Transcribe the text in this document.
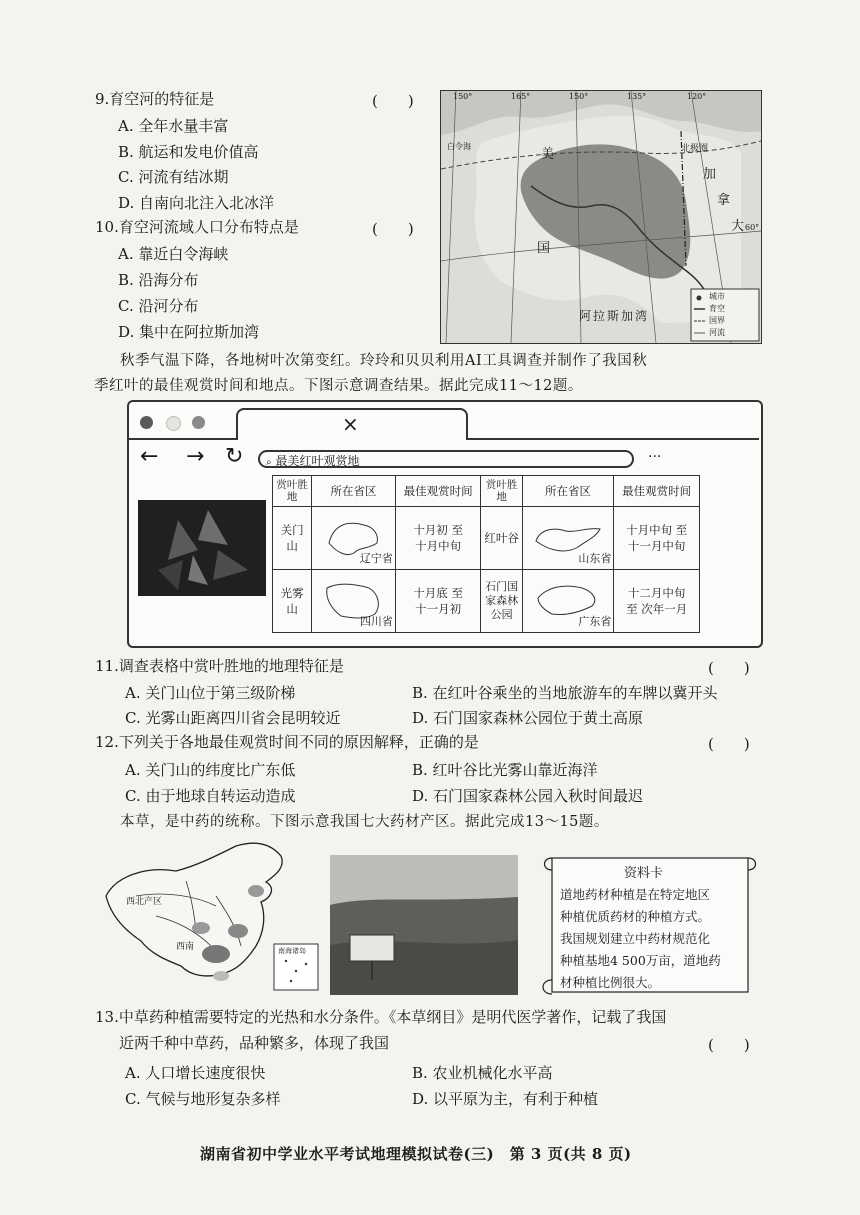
9.育空河的特征是	(　　)
A. 全年水量丰富
B. 航运和发电价值高
C. 河流有结冰期
D. 自南向北注入北冰洋
10.育空河流域人口分布特点是	(　　)
A. 靠近白令海峡
B. 沿海分布
C. 沿河分布
D. 集中在阿拉斯加湾
150°	165°	150°	135°	120°
60°
北极圈
美
国
加
拿
大
阿拉斯加湾
白令海
城市
育空
国界
河流
秋季气温下降，各地树叶次第变红。玲玲和贝贝利用AI工具调查并制作了我国秋
季红叶的最佳观赏时间和地点。下图示意调查结果。据此完成11～12题。
×
← → ↻	⌕ 最美红叶观赏地	···
赏叶胜地	所在省区	最佳观赏时间	赏叶胜地	所在省区	最佳观赏时间
关门山	辽宁省	十月初 至 十月中旬	红叶谷	山东省	十月中旬 至 十一月中旬

光雾山	四川省	十月底 至 十一月初	石门国家森林公园	广东省	十二月中旬 至 次年一月
11.调查表格中赏叶胜地的地理特征是	(　　)
A. 关门山位于第三级阶梯	B. 在红叶谷乘坐的当地旅游车的车牌以冀开头
C. 光雾山距离四川省会昆明较近	D. 石门国家森林公园位于黄土高原
12.下列关于各地最佳观赏时间不同的原因解释，正确的是	(　　)
A. 关门山的纬度比广东低	B. 红叶谷比光雾山靠近海洋
C. 由于地球自转运动造成	D. 石门国家森林公园入秋时间最迟
本草，是中药的统称。下图示意我国七大药材产区。据此完成13～15题。
西北产区
西南	南海诸岛
资料卡
道地药材种植是在特定地区
种植优质药材的种植方式。
我国规划建立中药材规范化
种植基地4 500万亩，道地药
材种植比例很大。
13.中草药种植需要特定的光热和水分条件。《本草纲目》是明代医学著作，记载了我国
近两千种中草药，品种繁多，体现了我国	(　　)
A. 人口增长速度很快	B. 农业机械化水平高
C. 气候与地形复杂多样	D. 以平原为主，有利于种植
湖南省初中学业水平考试地理模拟试卷(三)　第 3 页(共 8 页)
